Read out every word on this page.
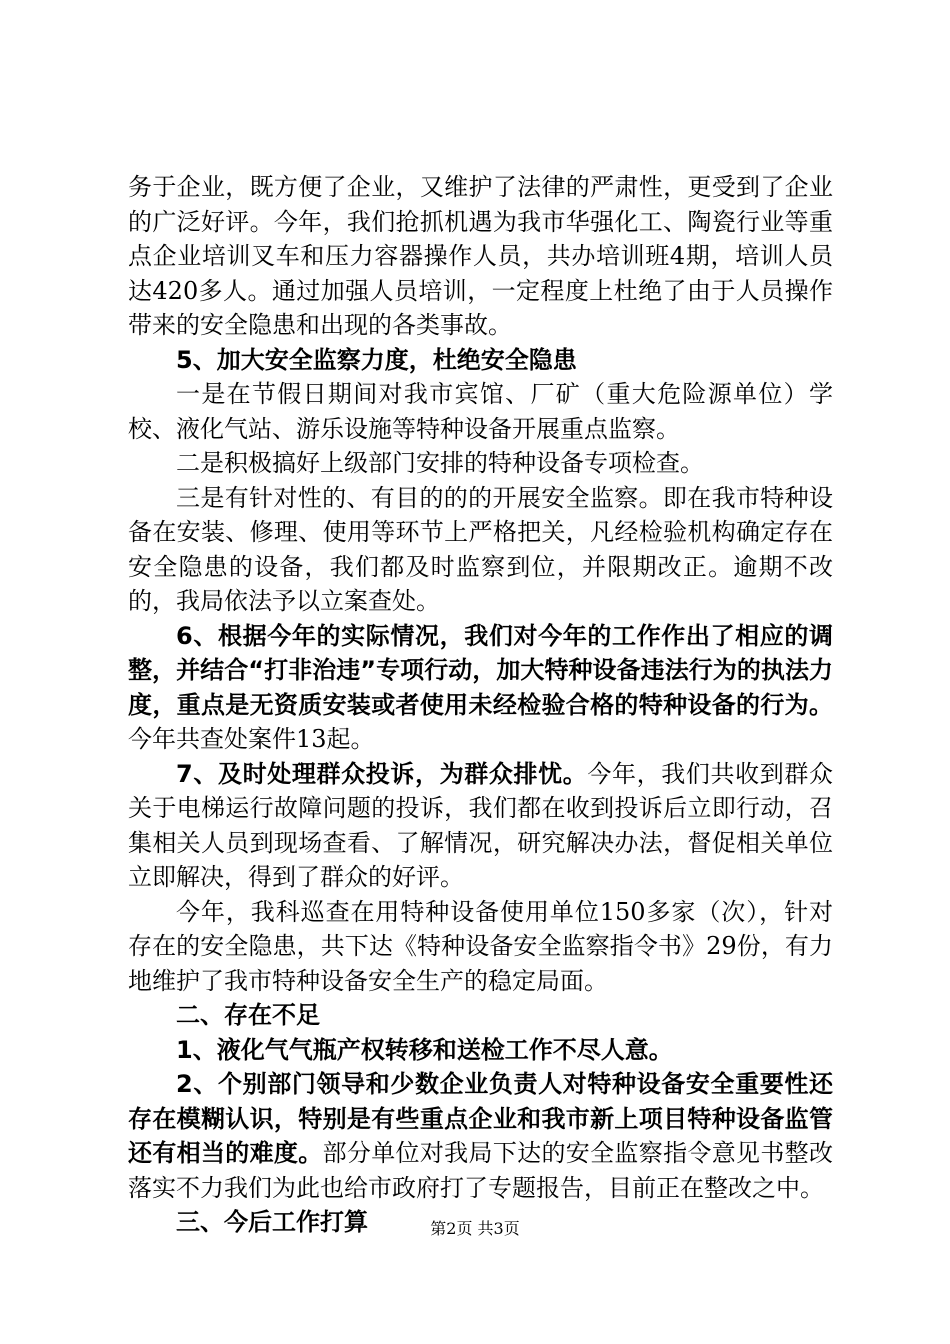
务于企业，既方便了企业，又维护了法律的严肃性，更受到了企业的广泛好评。今年，我们抢抓机遇为我市华强化工、陶瓷行业等重点企业培训叉车和压力容器操作人员，共办培训班4期，培训人员达420多人。通过加强人员培训，一定程度上杜绝了由于人员操作带来的安全隐患和出现的各类事故。

5、加大安全监察力度，杜绝安全隐患

一是在节假日期间对我市宾馆、厂矿（重大危险源单位）学校、液化气站、游乐设施等特种设备开展重点监察。

二是积极搞好上级部门安排的特种设备专项检查。

三是有针对性的、有目的的的开展安全监察。即在我市特种设备在安装、修理、使用等环节上严格把关，凡经检验机构确定存在安全隐患的设备，我们都及时监察到位，并限期改正。逾期不改的，我局依法予以立案查处。

6、根据今年的实际情况，我们对今年的工作作出了相应的调整，并结合“打非治违”专项行动，加大特种设备违法行为的执法力度，重点是无资质安装或者使用未经检验合格的特种设备的行为。今年共查处案件13起。

7、及时处理群众投诉，为群众排忧。今年，我们共收到群众关于电梯运行故障问题的投诉，我们都在收到投诉后立即行动，召集相关人员到现场查看、了解情况，研究解决办法，督促相关单位立即解决，得到了群众的好评。

今年，我科巡查在用特种设备使用单位150多家（次），针对存在的安全隐患，共下达《特种设备安全监察指令书》29份，有力地维护了我市特种设备安全生产的稳定局面。

二、存在不足

1、液化气气瓶产权转移和送检工作不尽人意。

2、个别部门领导和少数企业负责人对特种设备安全重要性还存在模糊认识，特别是有些重点企业和我市新上项目特种设备监管还有相当的难度。部分单位对我局下达的安全监察指令意见书整改落实不力我们为此也给市政府打了专题报告，目前正在整改之中。

三、今后工作打算	第2页 共3页
